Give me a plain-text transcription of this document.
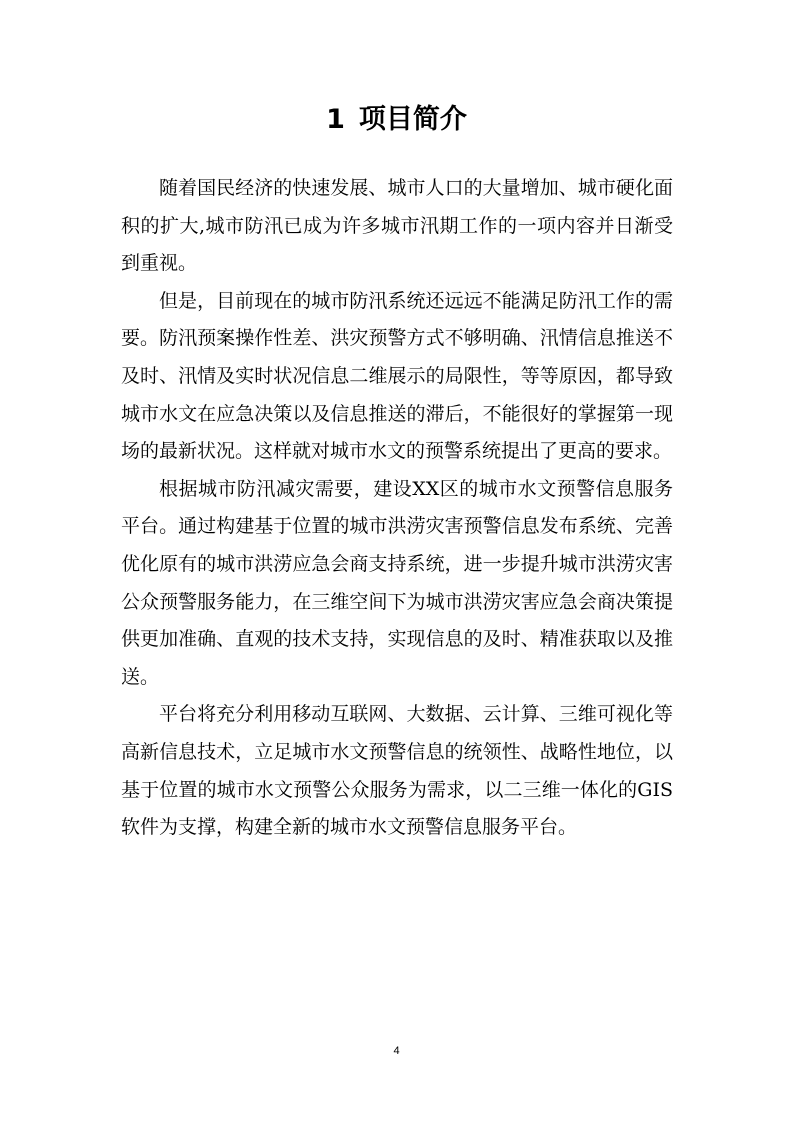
1 项目简介

随着国民经济的快速发展、城市人口的大量增加、城市硬化面积的扩大,城市防汛已成为许多城市汛期工作的一项内容并日渐受到重视。

但是，目前现在的城市防汛系统还远远不能满足防汛工作的需要。防汛预案操作性差、洪灾预警方式不够明确、汛情信息推送不及时、汛情及实时状况信息二维展示的局限性，等等原因，都导致城市水文在应急决策以及信息推送的滞后，不能很好的掌握第一现场的最新状况。这样就对城市水文的预警系统提出了更高的要求。

根据城市防汛减灾需要，建设XX区的城市水文预警信息服务平台。通过构建基于位置的城市洪涝灾害预警信息发布系统、完善优化原有的城市洪涝应急会商支持系统，进一步提升城市洪涝灾害公众预警服务能力，在三维空间下为城市洪涝灾害应急会商决策提供更加准确、直观的技术支持，实现信息的及时、精准获取以及推送。

平台将充分利用移动互联网、大数据、云计算、三维可视化等高新信息技术，立足城市水文预警信息的统领性、战略性地位，以基于位置的城市水文预警公众服务为需求，以二三维一体化的GIS软件为支撑，构建全新的城市水文预警信息服务平台。

4
